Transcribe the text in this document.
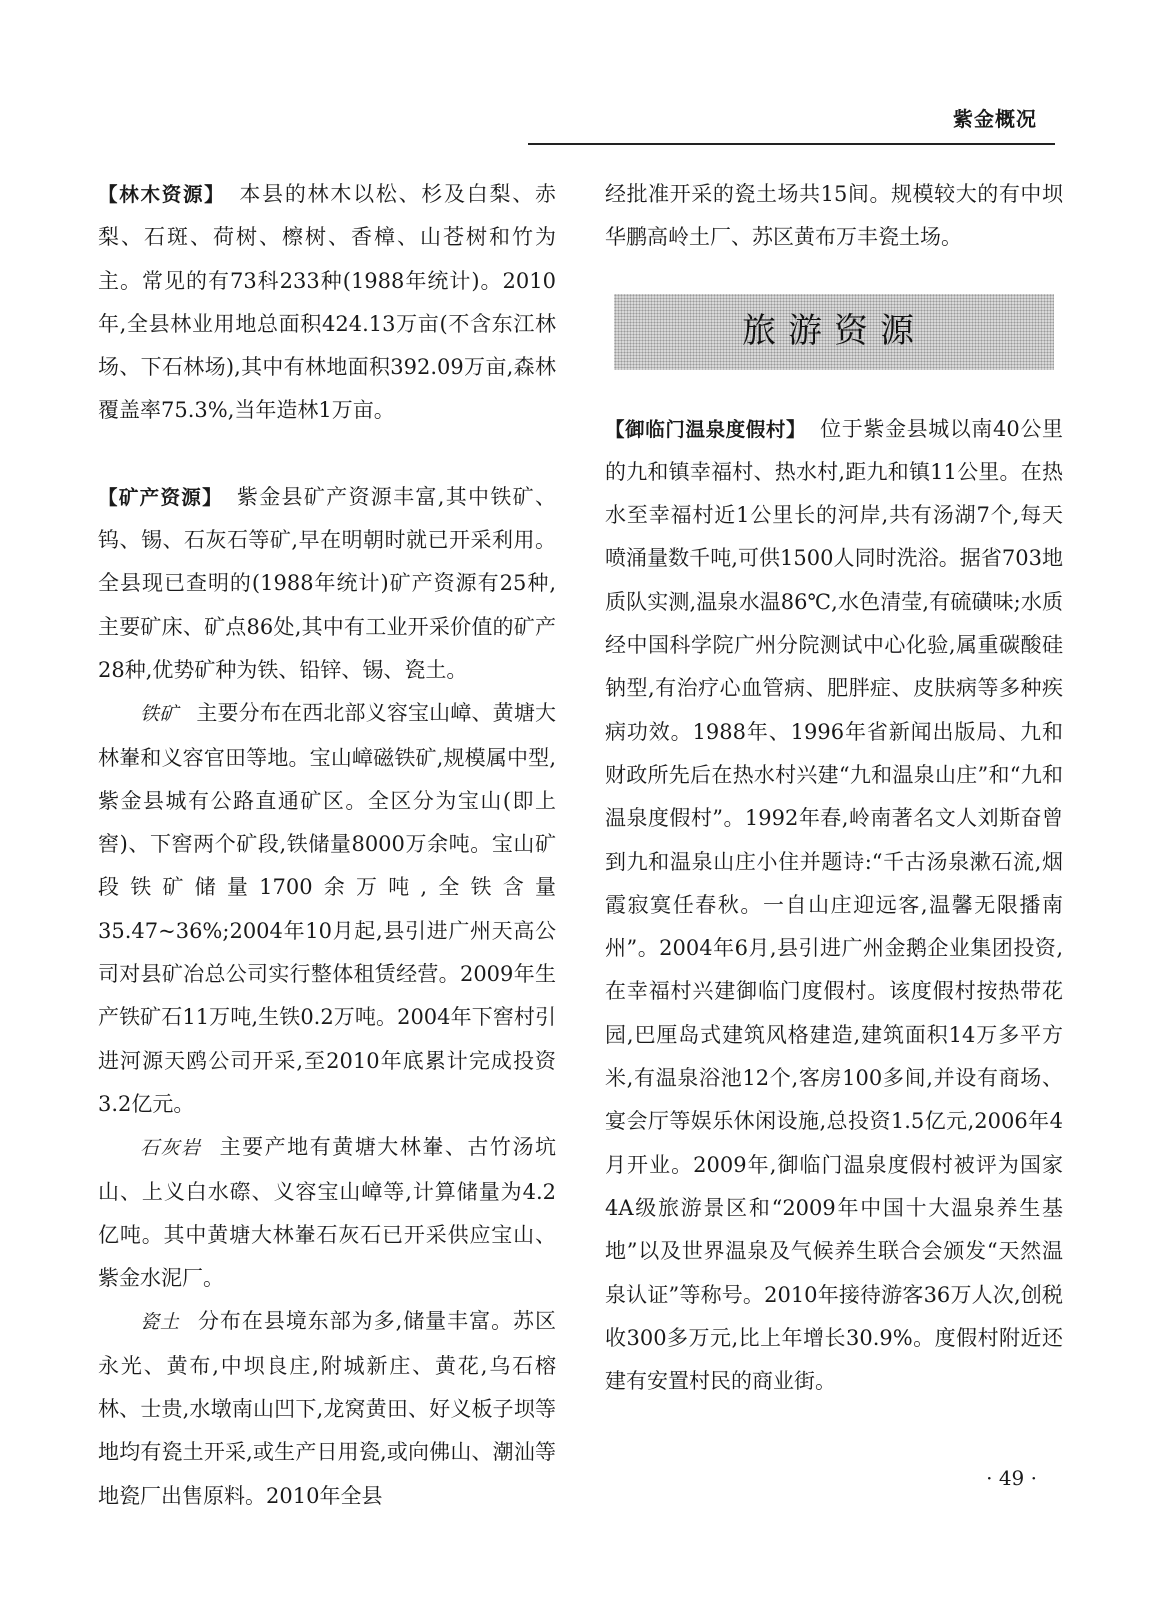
紫金概况

【林木资源】 本县的林木以松、杉及白梨、赤梨、石斑、荷树、檫树、香樟、山苍树和竹为主。常见的有73科233种(1988年统计)。2010年,全县林业用地总面积424.13万亩(不含东江林场、下石林场),其中有林地面积392.09万亩,森林覆盖率75.3%,当年造林1万亩。

【矿产资源】 紫金县矿产资源丰富,其中铁矿、钨、锡、石灰石等矿,早在明朝时就已开采利用。全县现已查明的(1988年统计)矿产资源有25种,主要矿床、矿点86处,其中有工业开采价值的矿产28种,优势矿种为铁、铅锌、锡、瓷土。

铁矿 主要分布在西北部义容宝山嶂、黄塘大林輋和义容官田等地。宝山嶂磁铁矿,规模属中型,紫金县城有公路直通矿区。全区分为宝山(即上窖)、下窖两个矿段,铁储量8000万余吨。宝山矿段铁矿储量1700余万吨,全铁含量35.47~36%;2004年10月起,县引进广州天高公司对县矿冶总公司实行整体租赁经营。2009年生产铁矿石11万吨,生铁0.2万吨。2004年下窖村引进河源天鸥公司开采,至2010年底累计完成投资3.2亿元。

石灰岩 主要产地有黄塘大林輋、古竹汤坑山、上义白水磜、义容宝山嶂等,计算储量为4.2亿吨。其中黄塘大林輋石灰石已开采供应宝山、紫金水泥厂。

瓷土 分布在县境东部为多,储量丰富。苏区永光、黄布,中坝良庄,附城新庄、黄花,乌石榕林、士贵,水墩南山凹下,龙窝黄田、好义板子坝等地均有瓷土开采,或生产日用瓷,或向佛山、潮汕等地瓷厂出售原料。2010年全县

经批准开采的瓷土场共15间。规模较大的有中坝华鹏高岭土厂、苏区黄布万丰瓷土场。

旅游资源

【御临门温泉度假村】 位于紫金县城以南40公里的九和镇幸福村、热水村,距九和镇11公里。在热水至幸福村近1公里长的河岸,共有汤湖7个,每天喷涌量数千吨,可供1500人同时洗浴。据省703地质队实测,温泉水温86℃,水色清莹,有硫磺味;水质经中国科学院广州分院测试中心化验,属重碳酸硅钠型,有治疗心血管病、肥胖症、皮肤病等多种疾病功效。1988年、1996年省新闻出版局、九和财政所先后在热水村兴建“九和温泉山庄”和“九和温泉度假村”。1992年春,岭南著名文人刘斯奋曾到九和温泉山庄小住并题诗:“千古汤泉漱石流,烟霞寂寞任春秋。一自山庄迎远客,温馨无限播南州”。2004年6月,县引进广州金鹅企业集团投资,在幸福村兴建御临门度假村。该度假村按热带花园,巴厘岛式建筑风格建造,建筑面积14万多平方米,有温泉浴池12个,客房100多间,并设有商场、宴会厅等娱乐休闲设施,总投资1.5亿元,2006年4月开业。2009年,御临门温泉度假村被评为国家4A级旅游景区和“2009年中国十大温泉养生基地”以及世界温泉及气候养生联合会颁发“天然温泉认证”等称号。2010年接待游客36万人次,创税收300多万元,比上年增长30.9%。度假村附近还建有安置村民的商业街。

· 49 ·
